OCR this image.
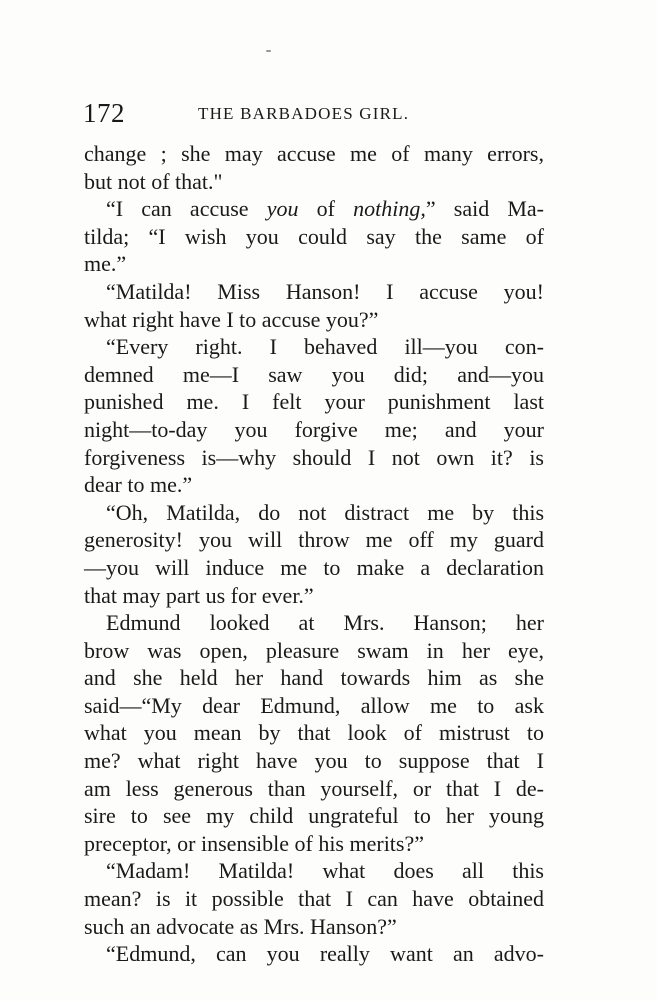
172	THE BARBADOES GIRL.
change ; she may accuse me of many errors,
but not of that."
“I can accuse you of nothing,” said Ma-
tilda; “I wish you could say the same of
me.”
“Matilda! Miss Hanson! I accuse you!
what right have I to accuse you?”
“Every right. I behaved ill—you con-
demned me—I saw you did; and—you
punished me. I felt your punishment last
night—to-day you forgive me; and your
forgiveness is—why should I not own it? is
dear to me.”
“Oh, Matilda, do not distract me by this
generosity! you will throw me off my guard
—you will induce me to make a declaration
that may part us for ever.”
Edmund looked at Mrs. Hanson; her
brow was open, pleasure swam in her eye,
and she held her hand towards him as she
said—“My dear Edmund, allow me to ask
what you mean by that look of mistrust to
me? what right have you to suppose that I
am less generous than yourself, or that I de-
sire to see my child ungrateful to her young
preceptor, or insensible of his merits?”
“Madam! Matilda! what does all this
mean? is it possible that I can have obtained
such an advocate as Mrs. Hanson?”
“Edmund, can you really want an advo-
